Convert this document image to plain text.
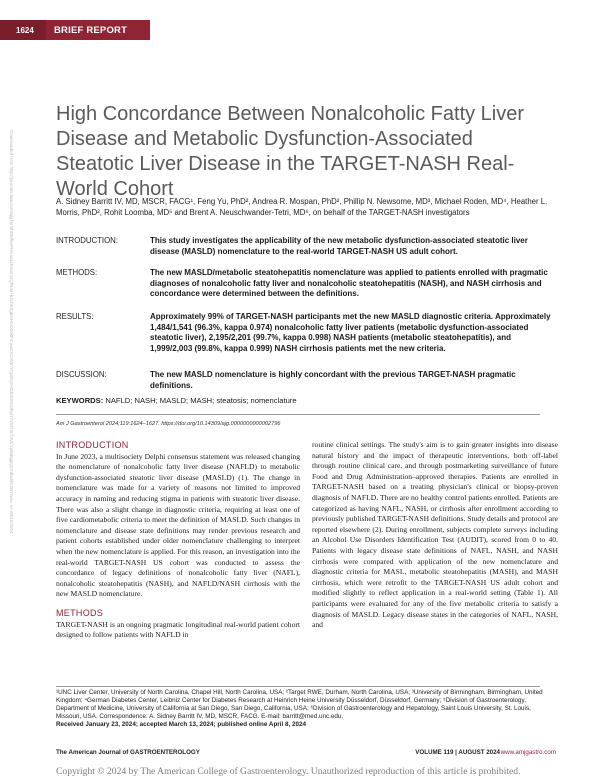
1624	BRIEF REPORT
Downloaded from http://journals.lww.com/ajg by BhDMf5ePHKav1zEoum1tQfN4a+kJLhEZgbsIHo4XMi0hCywCX1AWnYQp/IlQrHD3i3D0OdRyi7TvSFl4Cf3VC1y0abggQZXdtwnfKZBYtws= on 08/12/2024
High Concordance Between Nonalcoholic Fatty Liver Disease and Metabolic Dysfunction-Associated Steatotic Liver Disease in the TARGET-NASH Real-World Cohort
A. Sidney Barritt IV, MD, MSCR, FACG¹, Feng Yu, PhD², Andrea R. Mospan, PhD², Phillip N. Newsome, MD³, Michael Roden, MD⁴, Heather L. Morris, PhD², Rohit Loomba, MD⁵ and Brent A. Neuschwander-Tetri, MD⁶, on behalf of the TARGET-NASH investigators
INTRODUCTION:	This study investigates the applicability of the new metabolic dysfunction-associated steatotic liver disease (MASLD) nomenclature to the real-world TARGET-NASH US adult cohort.
METHODS:	The new MASLD/metabolic steatohepatitis nomenclature was applied to patients enrolled with pragmatic diagnoses of nonalcoholic fatty liver and nonalcoholic steatohepatitis (NASH), and NASH cirrhosis and concordance were determined between the definitions.
RESULTS:	Approximately 99% of TARGET-NASH participants met the new MASLD diagnostic criteria. Approximately 1,484/1,541 (96.3%, kappa 0.974) nonalcoholic fatty liver patients (metabolic dysfunction-associated steatotic liver), 2,195/2,201 (99.7%, kappa 0.998) NASH patients (metabolic steatohepatitis), and 1,999/2,003 (99.8%, kappa 0.999) NASH cirrhosis patients met the new criteria.
DISCUSSION:	The new MASLD nomenclature is highly concordant with the previous TARGET-NASH pragmatic definitions.
KEYWORDS: NAFLD; NASH; MASLD; MASH; steatosis; nomenclature
Am J Gastroenterol 2024;119:1624–1627. https://doi.org/10.14309/ajg.0000000000002796
INTRODUCTION

In June 2023, a multisociety Delphi consensus statement was released changing the nomenclature of nonalcoholic fatty liver disease (NAFLD) to metabolic dysfunction-associated steatotic liver disease (MASLD) (1). The change in nomenclature was made for a variety of reasons not limited to improved accuracy in naming and reducing stigma in patients with steatotic liver disease. There was also a slight change in diagnostic criteria, requiring at least one of five cardiometabolic criteria to meet the definition of MASLD. Such changes in nomenclature and disease state definitions may render previous research and patient cohorts established under older nomenclature challenging to interpret when the new nomenclature is applied. For this reason, an investigation into the real-world TARGET-NASH US cohort was conducted to assess the concordance of legacy definitions of nonalcoholic fatty liver (NAFL), nonalcoholic steatohepatitis (NASH), and NAFLD/NASH cirrhosis with the new MASLD nomenclature.

METHODS

TARGET-NASH is an ongoing pragmatic longitudinal real-world patient cohort designed to follow patients with NAFLD in

routine clinical settings. The study's aim is to gain greater insights into disease natural history and the impact of therapeutic interventions, both off-label through routine clinical care, and through postmarketing surveillance of future Food and Drug Administration–approved therapies. Patients are enrolled in TARGET-NASH based on a treating physician's clinical or biopsy-proven diagnosis of NAFLD. There are no healthy control patients enrolled. Patients are categorized as having NAFL, NASH, or cirrhosis after enrollment according to previously published TARGET-NASH definitions. Study details and protocol are reported elsewhere (2). During enrollment, subjects complete surveys including an Alcohol Use Disorders Identification Test (AUDIT), scored from 0 to 40. Patients with legacy disease state definitions of NAFL, NASH, and NASH cirrhosis were compared with application of the new nomenclature and diagnostic criteria for MASL, metabolic steatohepatitis (MASH), and MASH cirrhosis, which were retrofit to the TARGET-NASH US adult cohort and modified slightly to reflect application in a real-world setting (Table 1). All participants were evaluated for any of the five metabolic criteria to satisfy a diagnosis of MASLD. Legacy disease states in the categories of NAFL, NASH, and

¹UNC Liver Center, University of North Carolina, Chapel Hill, North Carolina, USA; ²Target RWE, Durham, North Carolina, USA; ³University of Birmingham, Birmingham, United Kingdom; ⁴German Diabetes Center, Leibniz Center for Diabetes Research at Heinrich Heine University Düsseldorf, Düsseldorf, Germany; ⁵Division of Gastroenterology, Department of Medicine, University of California at San Diego, San Diego, California, USA; ⁶Division of Gastroenterology and Hepatology, Saint Louis University, St. Louis, Missouri, USA. Correspondence: A. Sidney Barritt IV, MD, MSCR, FACG. E-mail: barritt@med.unc.edu.
Received January 23, 2024; accepted March 13, 2024; published online April 8, 2024
The American Journal of GASTROENTEROLOGY	VOLUME 119 | AUGUST 2024 www.amjgastro.com
Copyright © 2024 by The American College of Gastroenterology. Unauthorized reproduction of this article is prohibited.
